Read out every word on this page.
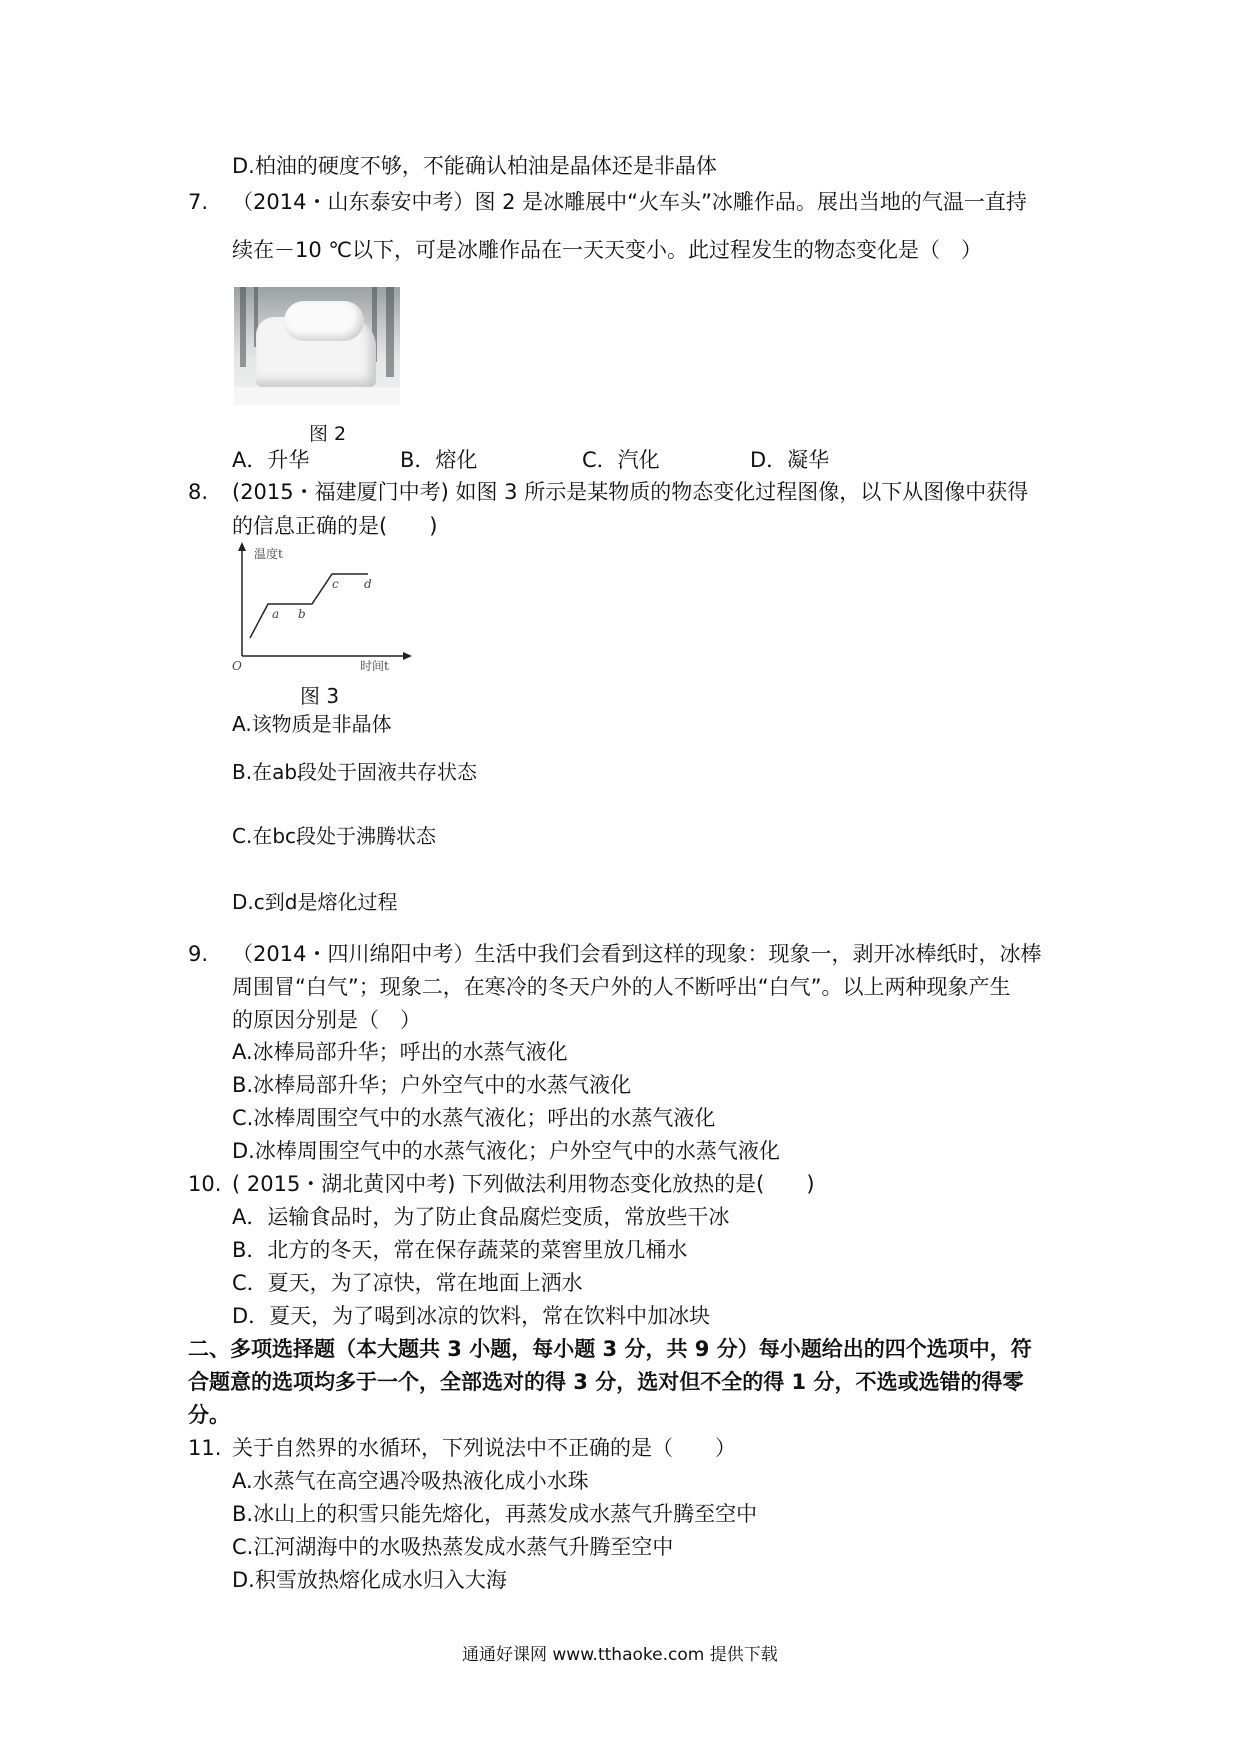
D.柏油的硬度不够，不能确认柏油是晶体还是非晶体
7. （2014・山东泰安中考）图 2 是冰雕展中“火车头”冰雕作品。展出当地的气温一直持
续在－10 ℃以下，可是冰雕作品在一天天变小。此过程发生的物态变化是（　）
图 2
A．升华	B．熔化	C．汽化	D．凝华
8. (2015・福建厦门中考) 如图 3 所示是某物质的物态变化过程图像，以下从图像中获得
的信息正确的是(　　)
温度t
时间t
O
a b
c d
图 3
A.该物质是非晶体
B.在ab段处于固液共存状态
C.在bc段处于沸腾状态
D.c到d是熔化过程
9. （2014・四川绵阳中考）生活中我们会看到这样的现象：现象一，剥开冰棒纸时，冰棒
周围冒“白气”；现象二，在寒冷的冬天户外的人不断呼出“白气”。以上两种现象产生
的原因分别是（　）
A.冰棒局部升华；呼出的水蒸气液化
B.冰棒局部升华；户外空气中的水蒸气液化
C.冰棒周围空气中的水蒸气液化；呼出的水蒸气液化
D.冰棒周围空气中的水蒸气液化；户外空气中的水蒸气液化
10. ( 2015・湖北黄冈中考) 下列做法利用物态变化放热的是(　　)
A．运输食品时，为了防止食品腐烂变质，常放些干冰
B．北方的冬天，常在保存蔬菜的菜窖里放几桶水
C．夏天，为了凉快，常在地面上洒水
D．夏天，为了喝到冰凉的饮料，常在饮料中加冰块
二、多项选择题（本大题共 3 小题，每小题 3 分，共 9 分）每小题给出的四个选项中，符
合题意的选项均多于一个，全部选对的得 3 分，选对但不全的得 1 分，不选或选错的得零
分。
11. 关于自然界的水循环，下列说法中不正确的是（　　）
A.水蒸气在高空遇冷吸热液化成小水珠
B.冰山上的积雪只能先熔化，再蒸发成水蒸气升腾至空中
C.江河湖海中的水吸热蒸发成水蒸气升腾至空中
D.积雪放热熔化成水归入大海
通通好课网 www.tthaoke.com 提供下载
